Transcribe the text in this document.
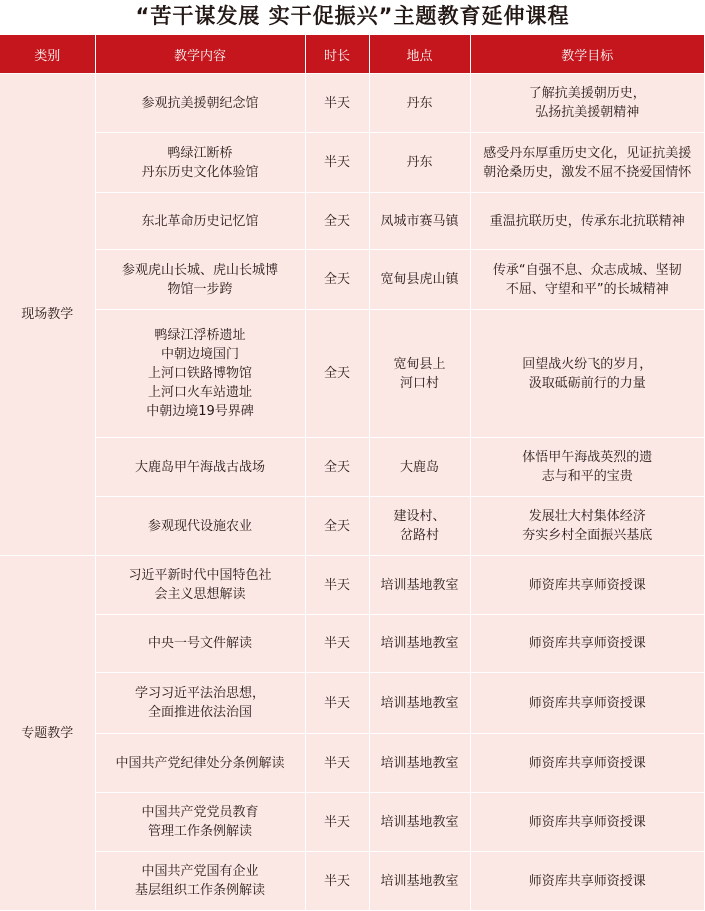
“苦干谋发展 实干促振兴”主题教育延伸课程
类别	教学内容	时长	地点	教学目标
现场教学	参观抗美援朝纪念馆	半天	丹东	了解抗美援朝历史，
弘扬抗美援朝精神

	鸭绿江断桥
丹东历史文化体验馆	半天	丹东	感受丹东厚重历史文化，见证抗美援
朝沧桑历史，激发不屈不挠爱国情怀

	东北革命历史记忆馆	全天	凤城市赛马镇	重温抗联历史，传承东北抗联精神

	参观虎山长城、虎山长城博
物馆一步跨	全天	宽甸县虎山镇	传承“自强不息、众志成城、坚韧
不屈、守望和平”的长城精神

	鸭绿江浮桥遗址
中朝边境国门
上河口铁路博物馆
上河口火车站遗址
中朝边境19号界碑	全天	宽甸县上
河口村	回望战火纷飞的岁月，
汲取砥砺前行的力量

	大鹿岛甲午海战古战场	全天	大鹿岛	体悟甲午海战英烈的遗
志与和平的宝贵

	参观现代设施农业	全天	建设村、
岔路村	发展壮大村集体经济
夯实乡村全面振兴基底

专题教学	习近平新时代中国特色社
会主义思想解读	半天	培训基地教室	师资库共享师资授课

	中央一号文件解读	半天	培训基地教室	师资库共享师资授课

	学习习近平法治思想，
全面推进依法治国	半天	培训基地教室	师资库共享师资授课

	中国共产党纪律处分条例解读	半天	培训基地教室	师资库共享师资授课

	中国共产党党员教育
管理工作条例解读	半天	培训基地教室	师资库共享师资授课

	中国共产党国有企业
基层组织工作条例解读	半天	培训基地教室	师资库共享师资授课
